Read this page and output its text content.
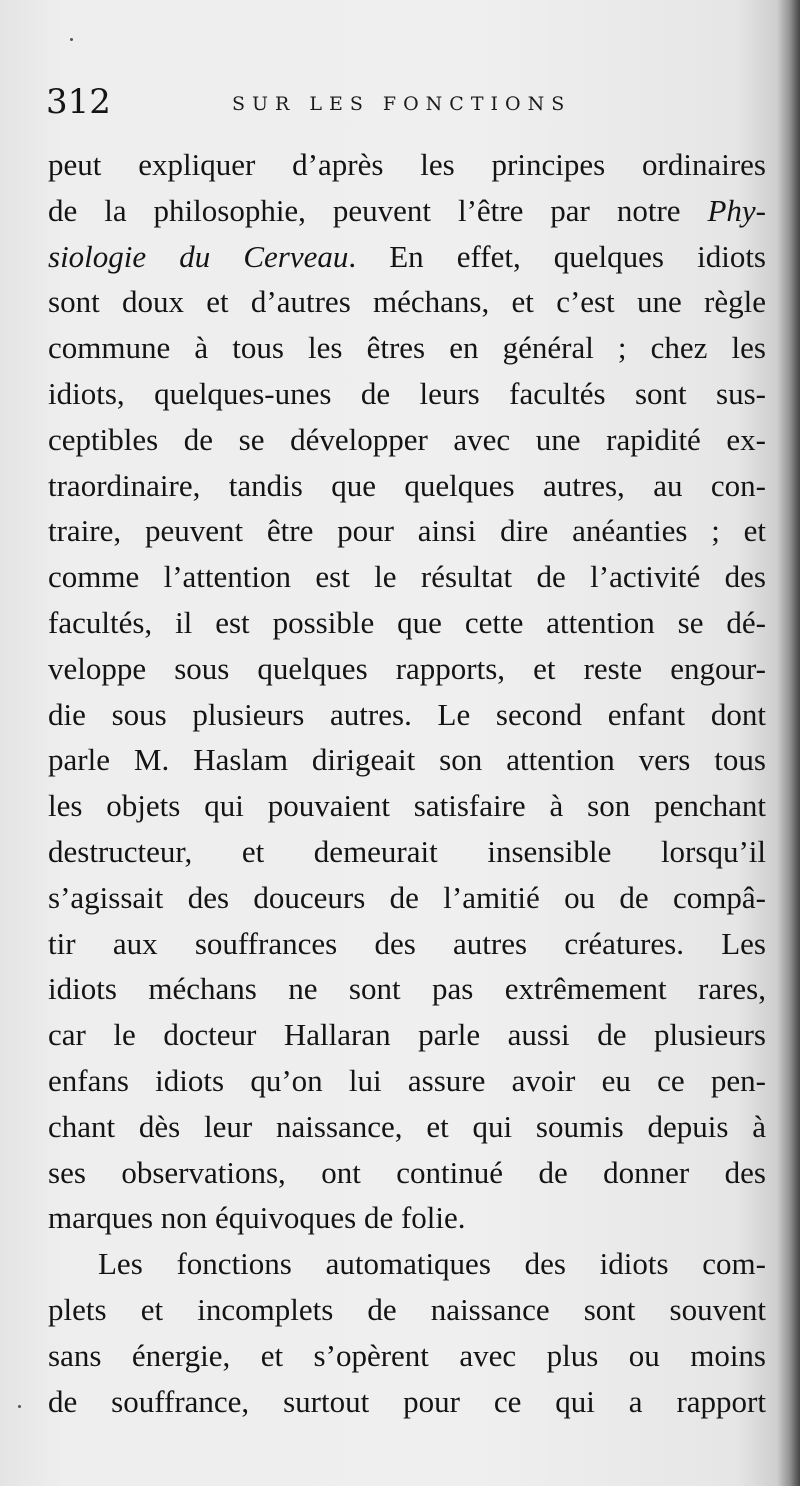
312	SUR LES FONCTIONS
peut expliquer d’après les principes ordinaires
de la philosophie, peuvent l’être par notre Phy-
siologie du Cerveau. En effet, quelques idiots
sont doux et d’autres méchans, et c’est une règle
commune à tous les êtres en général ; chez les
idiots, quelques-unes de leurs facultés sont sus-
ceptibles de se développer avec une rapidité ex-
traordinaire, tandis que quelques autres, au con-
traire, peuvent être pour ainsi dire anéanties ; et
comme l’attention est le résultat de l’activité des
facultés, il est possible que cette attention se dé-
veloppe sous quelques rapports, et reste engour-
die sous plusieurs autres. Le second enfant dont
parle M. Haslam dirigeait son attention vers tous
les objets qui pouvaient satisfaire à son penchant
destructeur, et demeurait insensible lorsqu’il
s’agissait des douceurs de l’amitié ou de compâ-
tir aux souffrances des autres créatures. Les
idiots méchans ne sont pas extrêmement rares,
car le docteur Hallaran parle aussi de plusieurs
enfans idiots qu’on lui assure avoir eu ce pen-
chant dès leur naissance, et qui soumis depuis à
ses observations, ont continué de donner des
marques non équivoques de folie.
Les fonctions automatiques des idiots com-
plets et incomplets de naissance sont souvent
sans énergie, et s’opèrent avec plus ou moins
de souffrance, surtout pour ce qui a rapport
